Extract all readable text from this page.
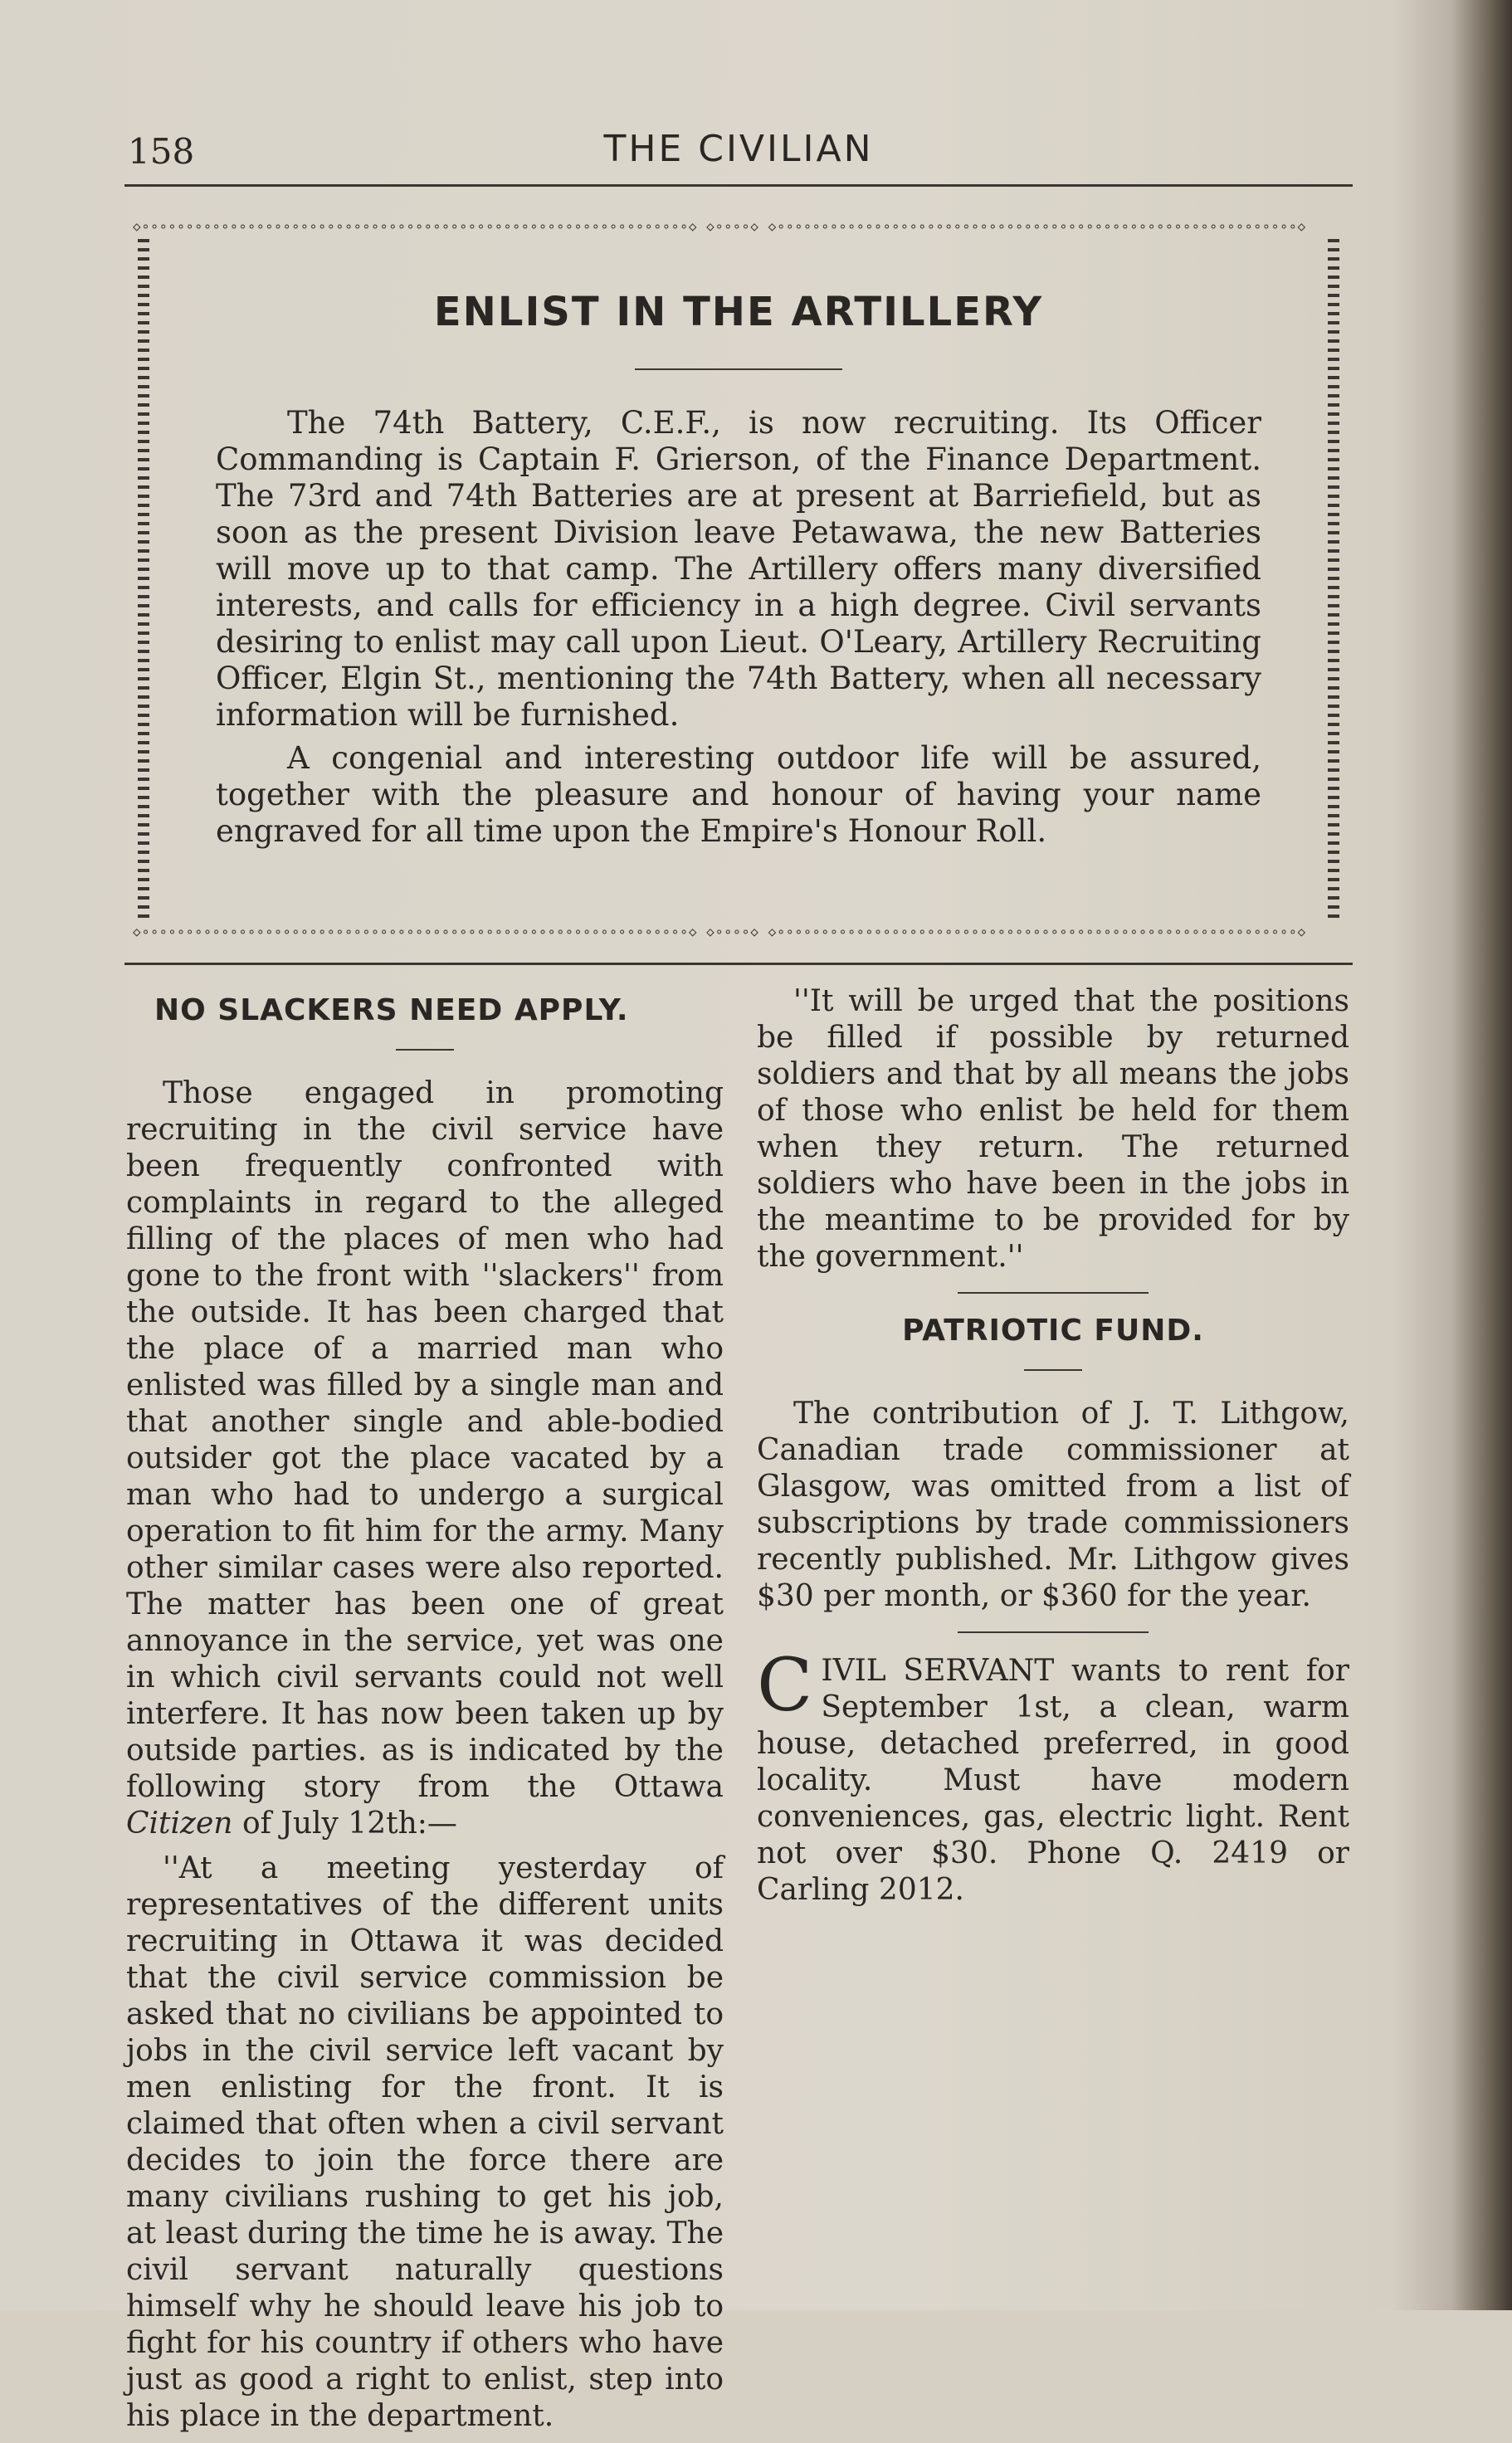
158	THE CIVILIAN
◇∘∘∘∘∘∘∘∘∘∘∘∘∘∘∘∘∘∘∘∘∘∘∘∘∘∘∘∘∘∘∘∘∘∘∘∘∘∘∘∘∘∘∘∘∘∘∘∘∘∘∘∘∘∘∘∘∘∘∘∘∘∘◇ ◇∘∘∘∘◇ ◇∘∘∘∘∘∘∘∘∘∘∘∘∘∘∘∘∘∘∘∘∘∘∘∘∘∘∘∘∘∘∘∘∘∘∘∘∘∘∘∘∘∘∘∘∘∘∘∘∘∘∘∘∘∘∘∘∘∘∘◇
◇∘∘∘∘∘∘∘∘∘∘∘∘∘∘∘∘∘∘∘∘∘∘∘∘∘∘∘∘∘∘∘∘∘∘∘∘∘∘∘∘∘∘∘∘∘∘∘∘∘∘∘∘∘∘∘∘∘∘∘∘∘∘◇ ◇∘∘∘∘◇ ◇∘∘∘∘∘∘∘∘∘∘∘∘∘∘∘∘∘∘∘∘∘∘∘∘∘∘∘∘∘∘∘∘∘∘∘∘∘∘∘∘∘∘∘∘∘∘∘∘∘∘∘∘∘∘∘∘∘∘∘◇
ENLIST IN THE ARTILLERY

The 74th Battery, C.E.F., is now recruiting. Its Officer Commanding is Captain F. Grierson, of the Finance Department. The 73rd and 74th Batteries are at present at Barriefield, but as soon as the present Division leave Petawawa, the new Batteries will move up to that camp. The Artillery offers many diversified interests, and calls for efficiency in a high degree. Civil servants desiring to enlist may call upon Lieut. O'Leary, Artillery Recruiting Officer, Elgin St., mentioning the 74th Battery, when all necessary information will be furnished.

A congenial and interesting outdoor life will be assured, together with the pleasure and honour of having your name engraved for all time upon the Empire's Honour Roll.

NO SLACKERS NEED APPLY.

Those engaged in promoting recruiting in the civil service have been frequently confronted with complaints in regard to the alleged filling of the places of men who had gone to the front with ''slackers'' from the outside. It has been charged that the place of a married man who enlisted was filled by a single man and that another single and able-bodied outsider got the place vacated by a man who had to undergo a surgical operation to fit him for the army. Many other similar cases were also reported. The matter has been one of great annoyance in the service, yet was one in which civil servants could not well interfere. It has now been taken up by outside parties. as is indicated by the following story from the Ottawa Citizen of July 12th:—

''At a meeting yesterday of representatives of the different units recruiting in Ottawa it was decided that the civil service commission be asked that no civilians be appointed to jobs in the civil service left vacant by men enlisting for the front. It is claimed that often when a civil servant decides to join the force there are many civilians rushing to get his job, at least during the time he is away. The civil servant naturally questions himself why he should leave his job to fight for his country if others who have just as good a right to enlist, step into his place in the department.

''It will be urged that the positions be filled if possible by returned soldiers and that by all means the jobs of those who enlist be held for them when they return. The returned soldiers who have been in the jobs in the meantime to be provided for by the government.''

PATRIOTIC FUND.

The contribution of J. T. Lithgow, Canadian trade commissioner at Glasgow, was omitted from a list of subscriptions by trade commissioners recently published. Mr. Lithgow gives $30 per month, or $360 for the year.

C IVIL SERVANT wants to rent for September 1st, a clean, warm house, detached preferred, in good locality. Must have modern conveniences, gas, electric light. Rent not over $30. Phone Q. 2419 or Carling 2012.
